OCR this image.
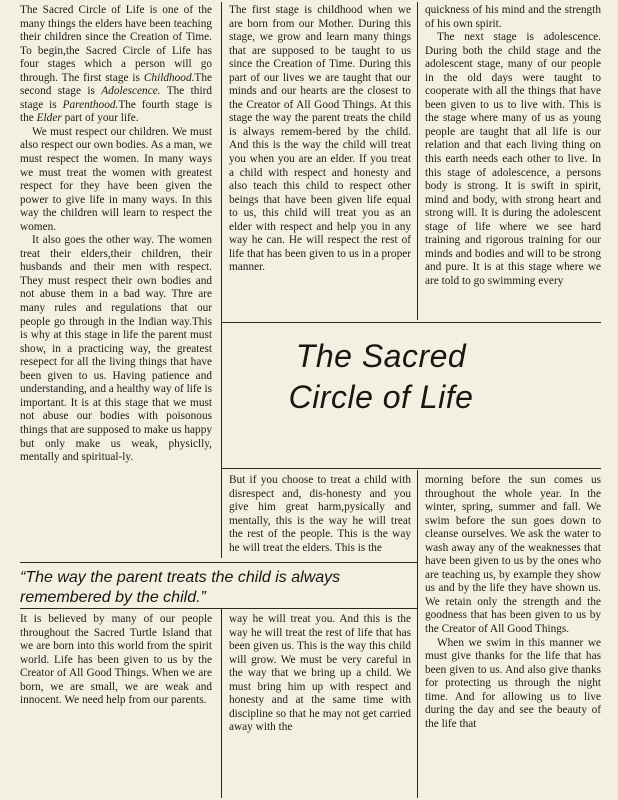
The Sacred Circle of Life is one of the many things the elders have been teaching their children since the Creation of Time. To begin,the Sacred Circle of Life has four stages which a person will go through. The first stage is Childhood.The second stage is Adolescence. The third stage is Parenthood.The fourth stage is the Elder part of your life.

We must respect our children. We must also respect our own bodies. As a man, we must respect the women. In many ways we must treat the women with greatest respect for they have been given the power to give life in many ways. In this way the children will learn to respect the women.

It also goes the other way. The women treat their elders,their children, their husbands and their men with respect. They must respect their own bodies and not abuse them in a bad way. Thre are many rules and regulations that our people go through in the Indian way.This is why at this stage in life the parent must show, in a practicing way, the greatest resepect for all the living things that have been given to us. Having patience and understanding, and a healthy way of life is important. It is at this stage that we must not abuse our bodies with poisonous things that are supposed to make us happy but only make us weak, physiclly, mentally and spiritual-ly.

The first stage is childhood when we are born from our Mother. During this stage, we grow and learn many things that are supposed to be taught to us since the Creation of Time. During this part of our lives we are taught that our minds and our hearts are the closest to the Creator of All Good Things. At this stage the way the parent treats the child is always remem-bered by the child. And this is the way the child will treat you when you are an elder. If you treat a child with respect and honesty and also teach this child to respect other beings that have been given life equal to us, this child will treat you as an elder with respect and help you in any way he can. He will respect the rest of life that has been given to us in a proper manner.

quickness of his mind and the strength of his own spirit.

The next stage is adolescence. During both the child stage and the adolescent stage, many of our people in the old days were taught to cooperate with all the things that have been given to us to live with. This is the stage where many of us as young people are taught that all life is our relation and that each living thing on this earth needs each other to live. In this stage of adolescence, a persons body is strong. It is swift in spirit, mind and body, with strong heart and strong will. It is during the adolescent stage of life where we see hard training and rigorous training for our minds and bodies and will to be strong and pure. It is at this stage where we are told to go swimming every

The Sacred
Circle of Life

But if you choose to treat a child with disrespect and, dis-honesty and you give him great harm,pysically and mentally, this is the way he will treat the rest of the people. This is the way he will treat the elders. This is the

morning before the sun comes us throughout the whole year. In the winter, spring, summer and fall. We swim before the sun goes down to cleanse ourselves. We ask the water to wash away any of the weaknesses that have been given to us by the ones who are teaching us, by example they show us and by the life they have shown us. We retain only the strength and the goodness that has been given to us by the Creator of All Good Things.

When we swim in this manner we must give thanks for the life that has been given to us. And also give thanks for protecting us through the night time. And for allowing us to live during the day and see the beauty of the life that

“The way the parent treats the child is always remembered by the child.”

It is believed by many of our people throughout the Sacred Turtle Island that we are born into this world from the spirit world. Life has been given to us by the Creator of All Good Things. When we are born, we are small, we are weak and innocent. We need help from our parents.

way he will treat you. And this is the way he will treat the rest of life that has been given us. This is the way this child will grow. We must be very careful in the way that we bring up a child. We must bring him up with respect and honesty and at the same time with discipline so that he may not get carried away with the
